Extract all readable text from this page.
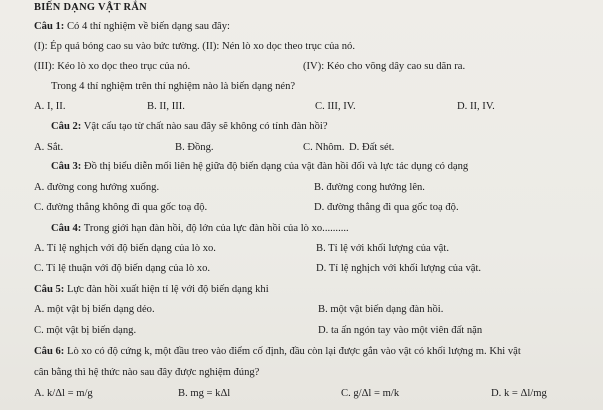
BIẾN DẠNG VẬT RẮN
Câu 1: Có 4 thí nghiệm về biến dạng sau đây:
(I): Ép quả bóng cao su vào bức tường. (II): Nén lò xo dọc theo trục của nó.
(III): Kéo lò xo dọc theo trục của nó.	(IV): Kéo cho võng dây cao su dãn ra.
Trong 4 thí nghiệm trên thí nghiệm nào là biến dạng nén?
A. I, II.	B. II, III.	C. III, IV.	D. II, IV.
Câu 2: Vật cấu tạo từ chất nào sau đây sẽ không có tính đàn hồi?
A. Sắt.	B. Đồng.	C. Nhôm. D. Đất sét.
Câu 3: Đồ thị biểu diễn mối liên hệ giữa độ biến dạng của vật đàn hồi đối và lực tác dụng có dạng
A. đường cong hướng xuống.	B. đường cong hướng lên.
C. đường thẳng không đi qua gốc toạ độ.	D. đường thẳng đi qua gốc toạ độ.
Câu 4: Trong giới hạn đàn hồi, độ lớn của lực đàn hồi của lò xo..........
A. Tỉ lệ nghịch với độ biến dạng của lò xo.	B. Tỉ lệ với khối lượng của vật.
C. Tỉ lệ thuận với độ biến dạng của lò xo.	D. Tỉ lệ nghịch với khối lượng của vật.
Câu 5: Lực đàn hồi xuất hiện tỉ lệ với độ biến dạng khi
A. một vật bị biến dạng dẻo.	B. một vật biến dạng đàn hồi.
C. một vật bị biến dạng.	D. ta ấn ngón tay vào một viên đất nặn
Câu 6: Lò xo có độ cứng k, một đầu treo vào điểm cố định, đầu còn lại được gắn vào vật có khối lượng m. Khi vật
cân bằng thì hệ thức nào sau đây được nghiệm đúng?
A. k/Δl = m/g	B. mg = kΔl	C. g/Δl = m/k	D. k = Δl/mg
